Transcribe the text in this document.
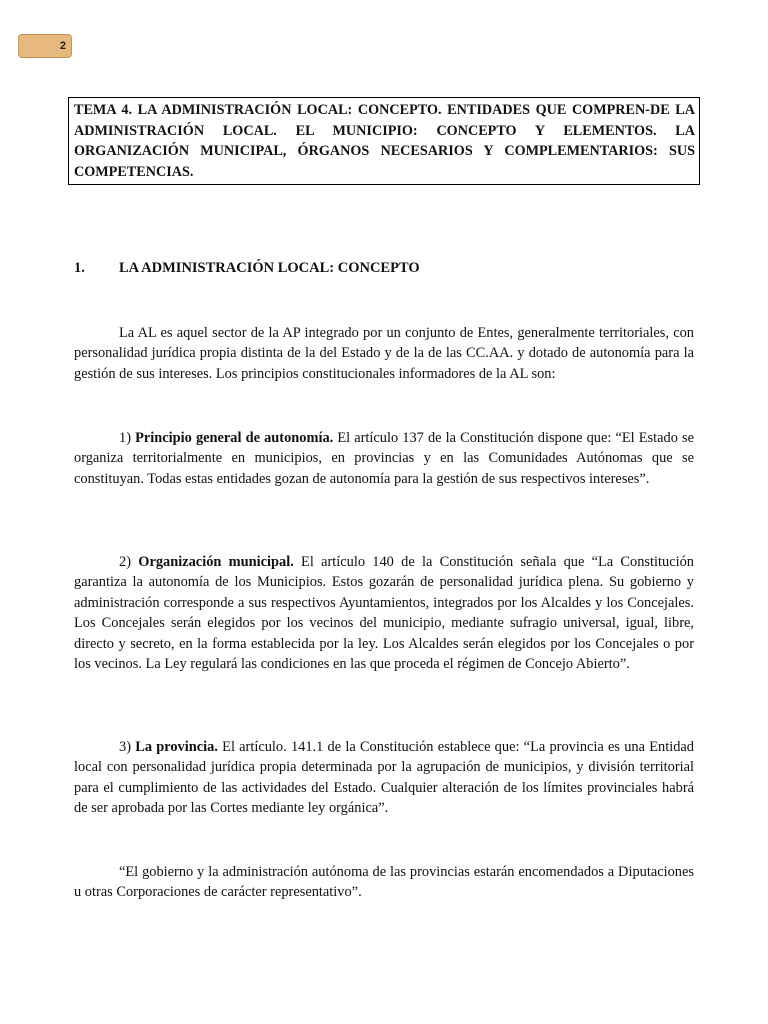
2
TEMA 4. LA ADMINISTRACIÓN LOCAL: CONCEPTO. ENTIDADES QUE COMPREN-DE LA ADMINISTRACIÓN LOCAL. EL MUNICIPIO: CONCEPTO Y ELEMENTOS. LA ORGANIZACIÓN MUNICIPAL, ÓRGANOS NECESARIOS Y COMPLEMENTARIOS: SUS COMPETENCIAS.
1. LA ADMINISTRACIÓN LOCAL: CONCEPTO

La AL es aquel sector de la AP integrado por un conjunto de Entes, generalmente territoriales, con personalidad jurídica propia distinta de la del Estado y de la de las CC.AA. y dotado de autonomía para la gestión de sus intereses. Los principios constitucionales informadores de la AL son:

1) Principio general de autonomía. El artículo 137 de la Constitución dispone que: “El Estado se organiza territorialmente en municipios, en provincias y en las Comunidades Autónomas que se constituyan. Todas estas entidades gozan de autonomía para la gestión de sus respectivos intereses”.

2) Organización municipal. El artículo 140 de la Constitución señala que “La Constitución garantiza la autonomía de los Municipios. Estos gozarán de personalidad jurídica plena. Su gobierno y administración corresponde a sus respectivos Ayuntamientos, integrados por los Alcaldes y los Concejales. Los Concejales serán elegidos por los vecinos del municipio, mediante sufragio universal, igual, libre, directo y secreto, en la forma establecida por la ley. Los Alcaldes serán elegidos por los Concejales o por los vecinos. La Ley regulará las condiciones en las que proceda el régimen de Concejo Abierto”.

3) La provincia. El artículo. 141.1 de la Constitución establece que: “La provincia es una Entidad local con personalidad jurídica propia determinada por la agrupación de municipios, y división territorial para el cumplimiento de las actividades del Estado. Cualquier alteración de los límites provinciales habrá de ser aprobada por las Cortes mediante ley orgánica”.

“El gobierno y la administración autónoma de las provincias estarán encomendados a Diputaciones u otras Corporaciones de carácter representativo”.
